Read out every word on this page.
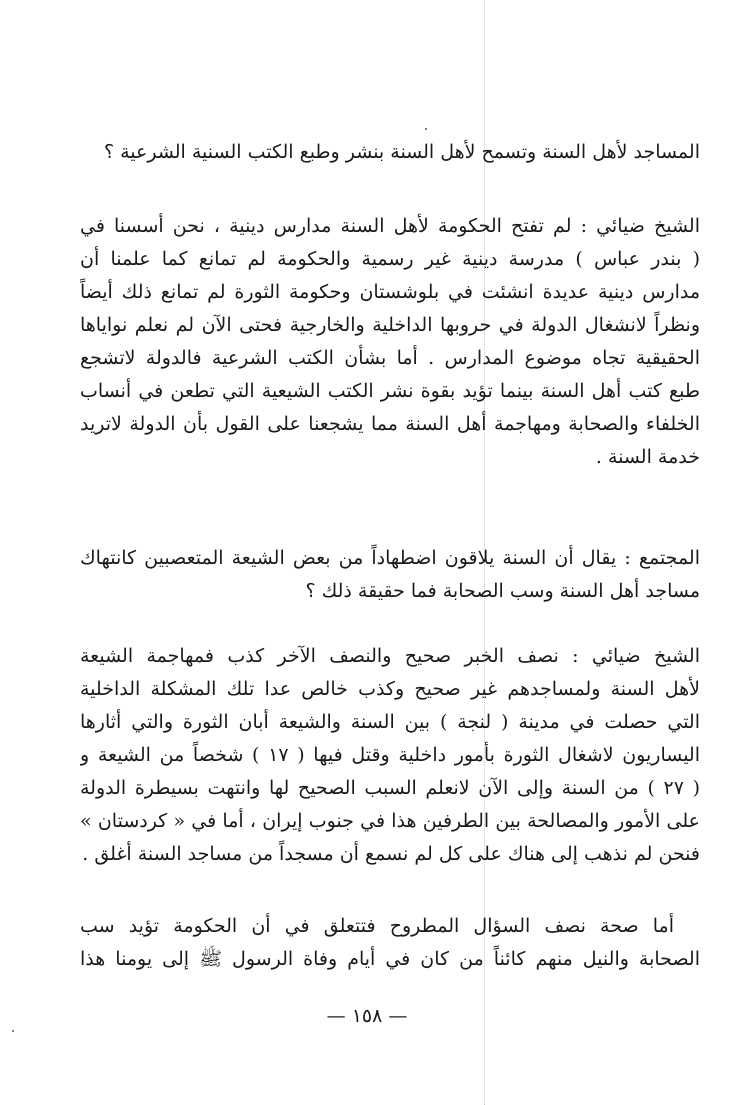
المساجد لأهل السنة وتسمح لأهل السنة بنشر وطبع الكتب السنية الشرعية ؟
الشيخ ضيائي : لم تفتح الحكومة لأهل السنة مدارس دينية ، نحن أسسنا في
( بندر عباس ) مدرسة دينية غير رسمية والحكومة لم تمانع كما علمنا أن
مدارس دينية عديدة انشئت في بلوشستان وحكومة الثورة لم تمانع ذلك أيضاً
ونظراً لانشغال الدولة في حروبها الداخلية والخارجية فحتى الآن لم نعلم نواياها
الحقيقية تجاه موضوع المدارس . أما بشأن الكتب الشرعية فالدولة لاتشجع
طبع كتب أهل السنة بينما تؤيد بقوة نشر الكتب الشيعية التي تطعن في أنساب
الخلفاء والصحابة ومهاجمة أهل السنة مما يشجعنا على القول بأن الدولة لاتريد
خدمة السنة .
المجتمع : يقال أن السنة يلاقون اضطهاداً من بعض الشيعة المتعصبين كانتهاك
مساجد أهل السنة وسب الصحابة فما حقيقة ذلك ؟
الشيخ ضيائي : نصف الخبر صحيح والنصف الآخر كذب فمهاجمة الشيعة
لأهل السنة ولمساجدهم غير صحيح وكذب خالص عدا تلك المشكلة الداخلية
التي حصلت في مدينة ( لنجة ) بين السنة والشيعة أبان الثورة والتي أثارها
اليساريون لاشغال الثورة بأمور داخلية وقتل فيها ( ١٧ ) شخصاً من الشيعة و
( ٢٧ ) من السنة وإلى الآن لانعلم السبب الصحيح لها وانتهت بسيطرة الدولة
على الأمور والمصالحة بين الطرفين هذا في جنوب إيران ، أما في « كردستان »
فنحن لم نذهب إلى هناك على كل لم نسمع أن مسجداً من مساجد السنة أغلق .
أما صحة نصف السؤال المطروح فتتعلق في أن الحكومة تؤيد سب
الصحابة والنيل منهم كائناً من كان في أيام وفاة الرسول ﷺ إلى يومنا هذا
— ١٥٨ —
